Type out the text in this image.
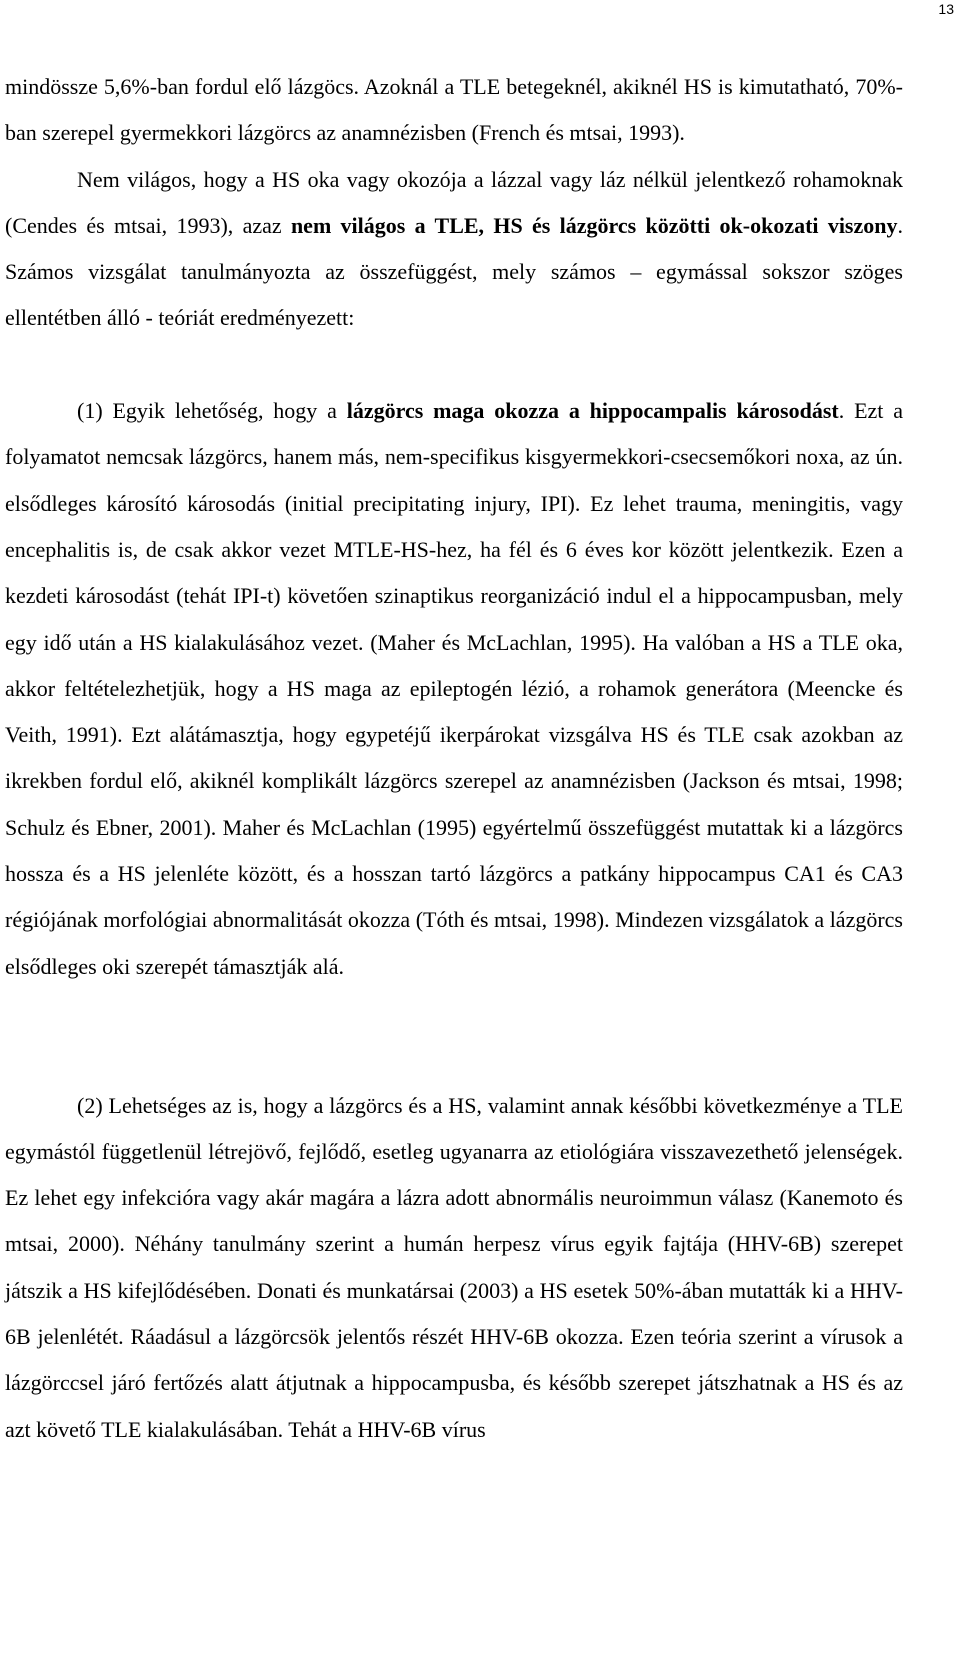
13

mindössze 5,6%-ban fordul elő lázgöcs. Azoknál a TLE betegeknél, akiknél HS is kimutatható, 70%-ban szerepel gyermekkori lázgörcs az anamnézisben (French és mtsai, 1993).

Nem világos, hogy a HS oka vagy okozója a lázzal vagy láz nélkül jelentkező rohamoknak (Cendes és mtsai, 1993), azaz nem világos a TLE, HS és lázgörcs közötti ok-okozati viszony. Számos vizsgálat tanulmányozta az összefüggést, mely számos – egymással sokszor szöges ellentétben álló - teóriát eredményezett:

(1) Egyik lehetőség, hogy a lázgörcs maga okozza a hippocampalis károsodást. Ezt a folyamatot nemcsak lázgörcs, hanem más, nem-specifikus kisgyermekkori-csecsemőkori noxa, az ún. elsődleges károsító károsodás (initial precipitating injury, IPI). Ez lehet trauma, meningitis, vagy encephalitis is, de csak akkor vezet MTLE-HS-hez, ha fél és 6 éves kor között jelentkezik. Ezen a kezdeti károsodást (tehát IPI-t) követően szinaptikus reorganizáció indul el a hippocampusban, mely egy idő után a HS kialakulásához vezet. (Maher és McLachlan, 1995). Ha valóban a HS a TLE oka, akkor feltételezhetjük, hogy a HS maga az epileptogén lézió, a rohamok generátora (Meencke és Veith, 1991). Ezt alátámasztja, hogy egypetéjű ikerpárokat vizsgálva HS és TLE csak azokban az ikrekben fordul elő, akiknél komplikált lázgörcs szerepel az anamnézisben (Jackson és mtsai, 1998; Schulz és Ebner, 2001). Maher és McLachlan (1995) egyértelmű összefüggést mutattak ki a lázgörcs hossza és a HS jelenléte között, és a hosszan tartó lázgörcs a patkány hippocampus CA1 és CA3 régiójának morfológiai abnormalitását okozza (Tóth és mtsai, 1998). Mindezen vizsgálatok a lázgörcs elsődleges oki szerepét támasztják alá.

(2) Lehetséges az is, hogy a lázgörcs és a HS, valamint annak későbbi következménye a TLE egymástól függetlenül létrejövő, fejlődő, esetleg ugyanarra az etiológiára visszavezethető jelenségek. Ez lehet egy infekcióra vagy akár magára a lázra adott abnormális neuroimmun válasz (Kanemoto és mtsai, 2000). Néhány tanulmány szerint a humán herpesz vírus egyik fajtája (HHV-6B) szerepet játszik a HS kifejlődésében. Donati és munkatársai (2003) a HS esetek 50%-ában mutatták ki a HHV-6B jelenlétét. Ráadásul a lázgörcsök jelentős részét HHV-6B okozza. Ezen teória szerint a vírusok a lázgörccsel járó fertőzés alatt átjutnak a hippocampusba, és később szerepet játszhatnak a HS és az azt követő TLE kialakulásában. Tehát a HHV-6B vírus
